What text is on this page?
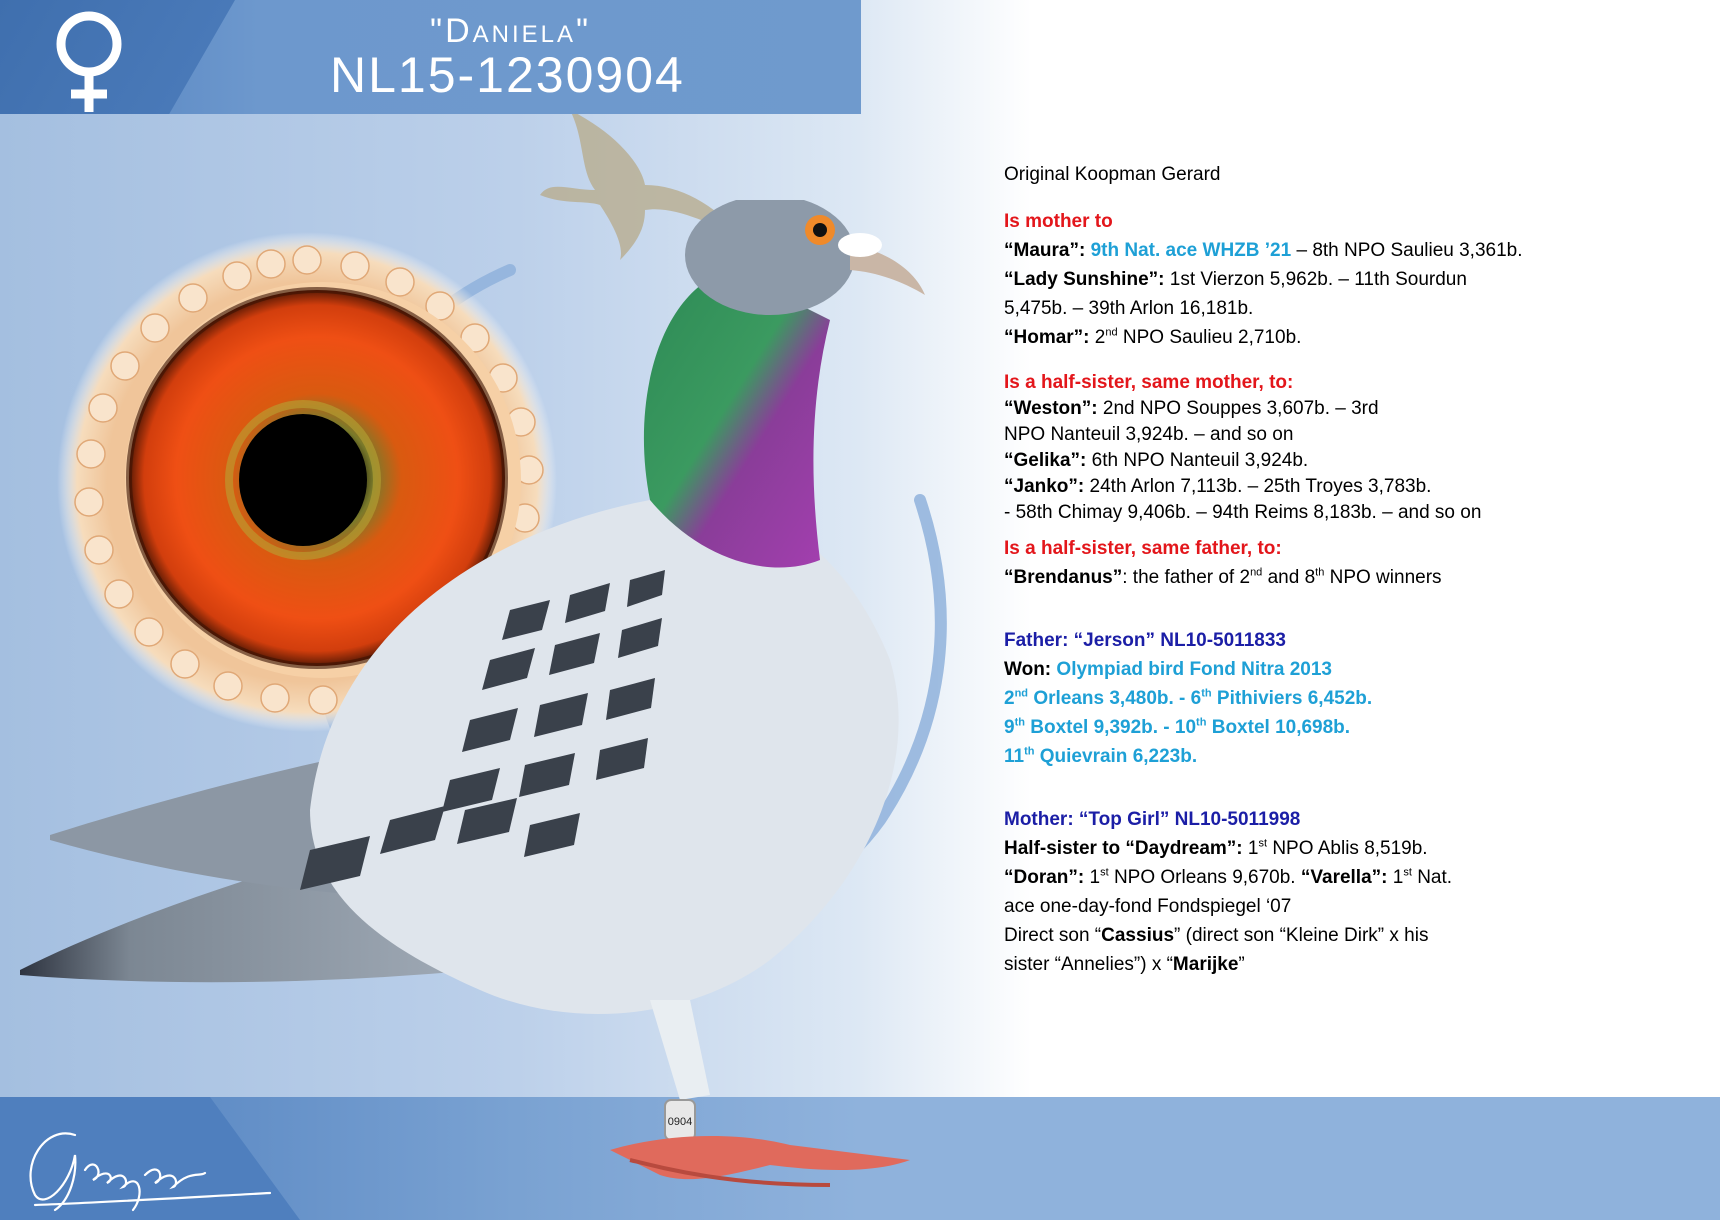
"Daniela"
NL15-1230904
0904

Original Koopman Gerard

Is mother to

“Maura”: 9th Nat. ace WHZB ’21 – 8th NPO Saulieu 3,361b.

“Lady Sunshine”: 1st Vierzon 5,962b. – 11th Sourdun

5,475b. – 39th Arlon 16,181b.

“Homar”: 2nd NPO Saulieu 2,710b.

Is a half-sister, same mother, to:

“Weston”: 2nd NPO Souppes 3,607b. – 3rd

NPO Nanteuil 3,924b. – and so on

“Gelika”: 6th NPO Nanteuil 3,924b.

“Janko”: 24th Arlon 7,113b. – 25th Troyes 3,783b.

- 58th Chimay 9,406b. – 94th Reims 8,183b. – and so on

Is a half-sister, same father, to:

“Brendanus”: the father of 2nd and 8th NPO winners

Father: “Jerson” NL10-5011833

Won: Olympiad bird Fond Nitra 2013

2nd Orleans 3,480b. - 6th Pithiviers 6,452b.

9th Boxtel 9,392b. - 10th Boxtel 10,698b.

11th Quievrain 6,223b.

Mother: “Top Girl” NL10-5011998

Half-sister to “Daydream”: 1st NPO Ablis 8,519b.

“Doran”: 1st NPO Orleans 9,670b. “Varella”: 1st Nat.

ace one-day-fond Fondspiegel ‘07

Direct son “Cassius” (direct son “Kleine Dirk” x his

sister “Annelies”) x “Marijke”
